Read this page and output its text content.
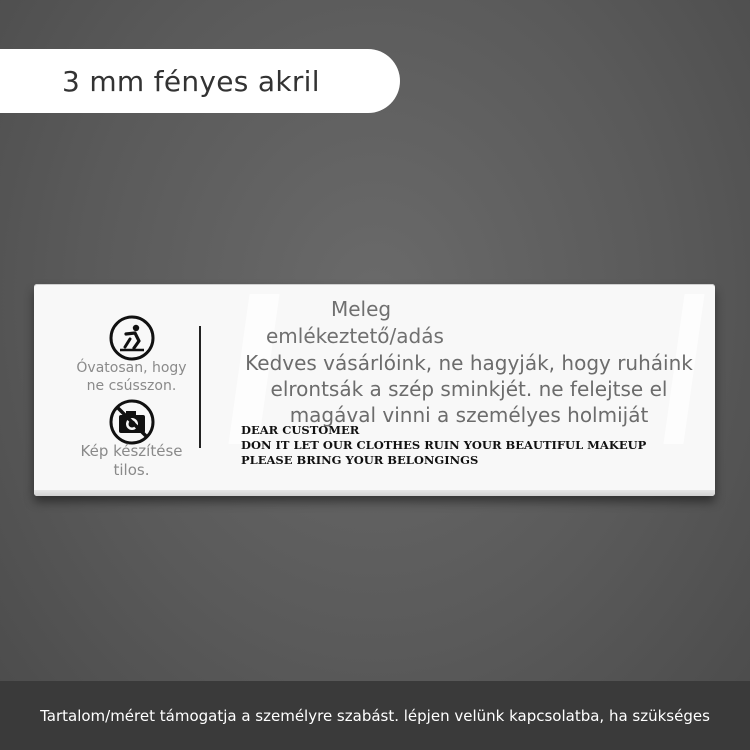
3 mm fényes akril
Óvatosan, hogy ne csússzon.
Kép készítése tilos.
Meleg
emlékeztető/adás
Kedves vásárlóink, ne hagyják, hogy ruháink elrontsák a szép sminkjét. ne felejtse el magával vinni a személyes holmiját
DEAR CUSTOMER
DON IT LET OUR CLOTHES RUIN YOUR BEAUTIFUL MAKEUP
PLEASE BRING YOUR BELONGINGS
Tartalom/méret támogatja a személyre szabást. lépjen velünk kapcsolatba, ha szükséges
